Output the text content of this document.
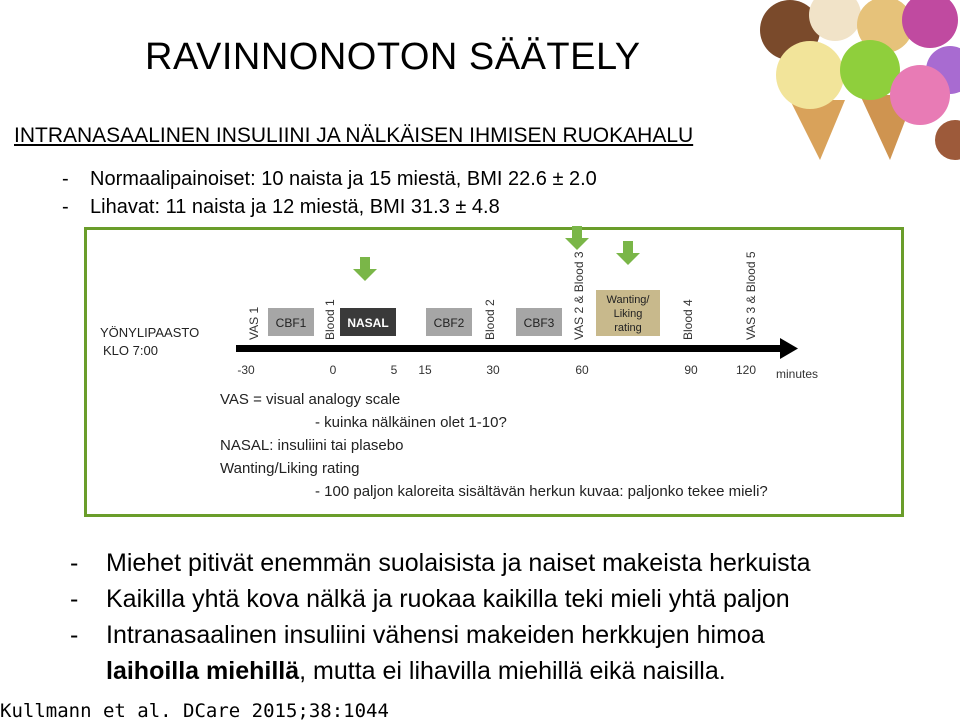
RAVINNONOTON SÄÄTELY
INTRANASAALINEN INSULIINI JA NÄLKÄISEN IHMISEN RUOKAHALU
- Normaalipainoiset: 10 naista ja 15 miestä, BMI 22.6 ± 2.0
- Lihavat: 11 naista ja 12 miestä, BMI 31.3 ± 4.8
YÖNYLIPAASTO
KLO 7:00
CBF1	NASAL	CBF2	CBF3
Wanting/
Liking
rating
VAS 1	Blood 1	Blood 2	VAS 2 & Blood 3	Blood 4	VAS 3 & Blood 5
-30	0	5 15	30	60	90	120 minutes
VAS = visual analogy scale
- kuinka nälkäinen olet 1-10?
NASAL: insuliini tai plasebo
Wanting/Liking rating
- 100 paljon kaloreita sisältävän herkun kuvaa: paljonko tekee mieli?
- Miehet pitivät enemmän suolaisista ja naiset makeista herkuista
- Kaikilla yhtä kova nälkä ja ruokaa kaikilla teki mieli yhtä paljon
- Intranasaalinen insuliini vähensi makeiden herkkujen himoa
laihoilla miehillä, mutta ei lihavilla miehillä eikä naisilla.
Kullmann et al. DCare 2015;38:1044
